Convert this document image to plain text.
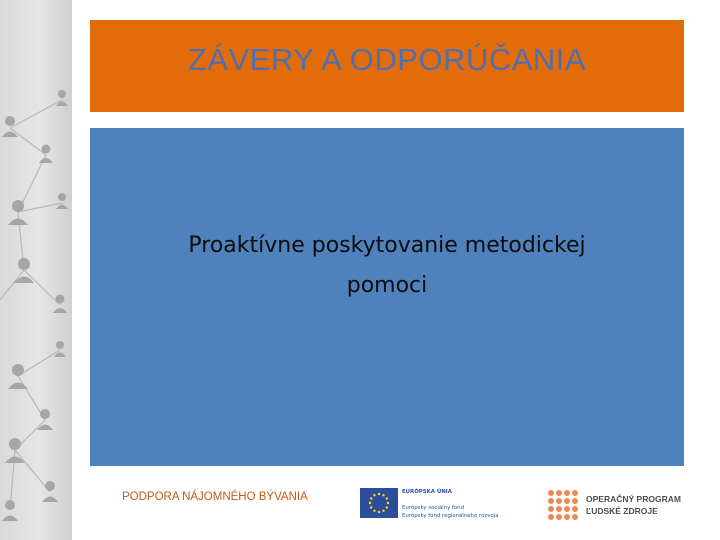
ZÁVERY A ODPORÚČANIA
Proaktívne poskytovanie metodickej
pomoci
PODPORA NÁJOMNÉHO BÝVANIA	EURÓPSKA ÚNIA
Európsky sociálny fond
Európsky fond regionálneho rozvoja
OPERAČNÝ PROGRAM
ĽUDSKÉ ZDROJE
